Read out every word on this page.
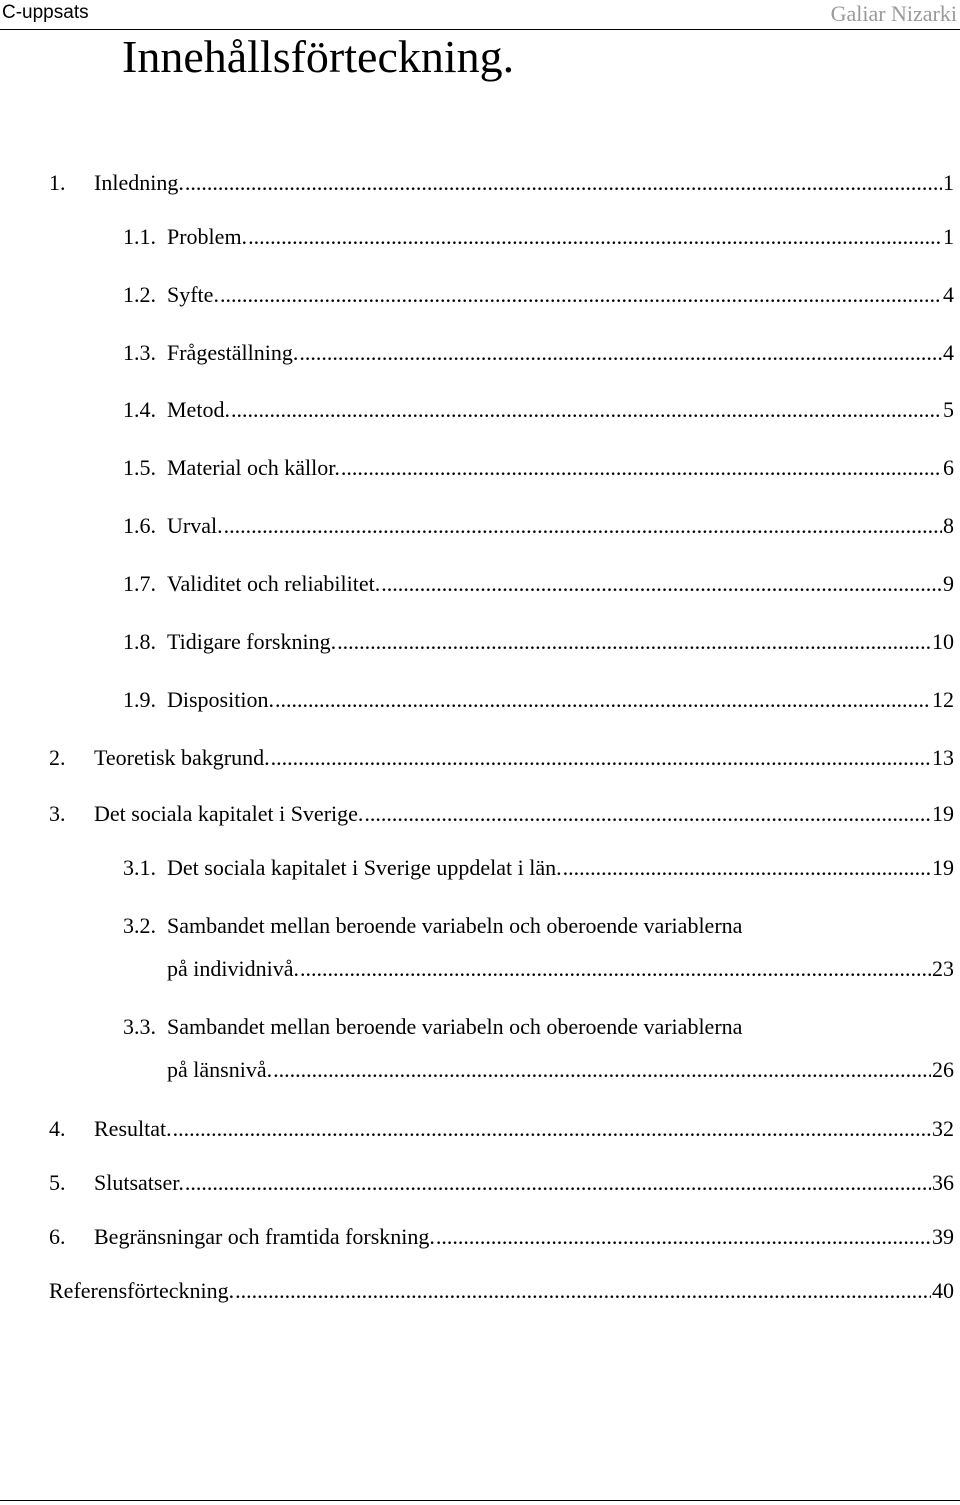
C-uppsats	Galiar Nizarki
Innehållsförteckning.
1.	Inledning. .....	1
1.1. Problem. .....	1
1.2. Syfte. .....	4
1.3. Frågeställning. .....	4
1.4. Metod. .....	5
1.5. Material och källor. .....	6
1.6. Urval. .....	8
1.7. Validitet och reliabilitet. .....	9
1.8. Tidigare forskning. .....	10
1.9. Disposition. .....	12
2.	Teoretisk bakgrund. .....	13
3.	Det sociala kapitalet i Sverige. .....	19
3.1. Det sociala kapitalet i Sverige uppdelat i län. .....	19
3.2. Sambandet mellan beroende variabeln och oberoende variablerna
på individnivå. .....	23
3.3. Sambandet mellan beroende variabeln och oberoende variablerna
på länsnivå. .....	26
4.	Resultat. .....	32
5.	Slutsatser. .....	36
6.	Begränsningar och framtida forskning. .....	39
Referensförteckning. .....	40
